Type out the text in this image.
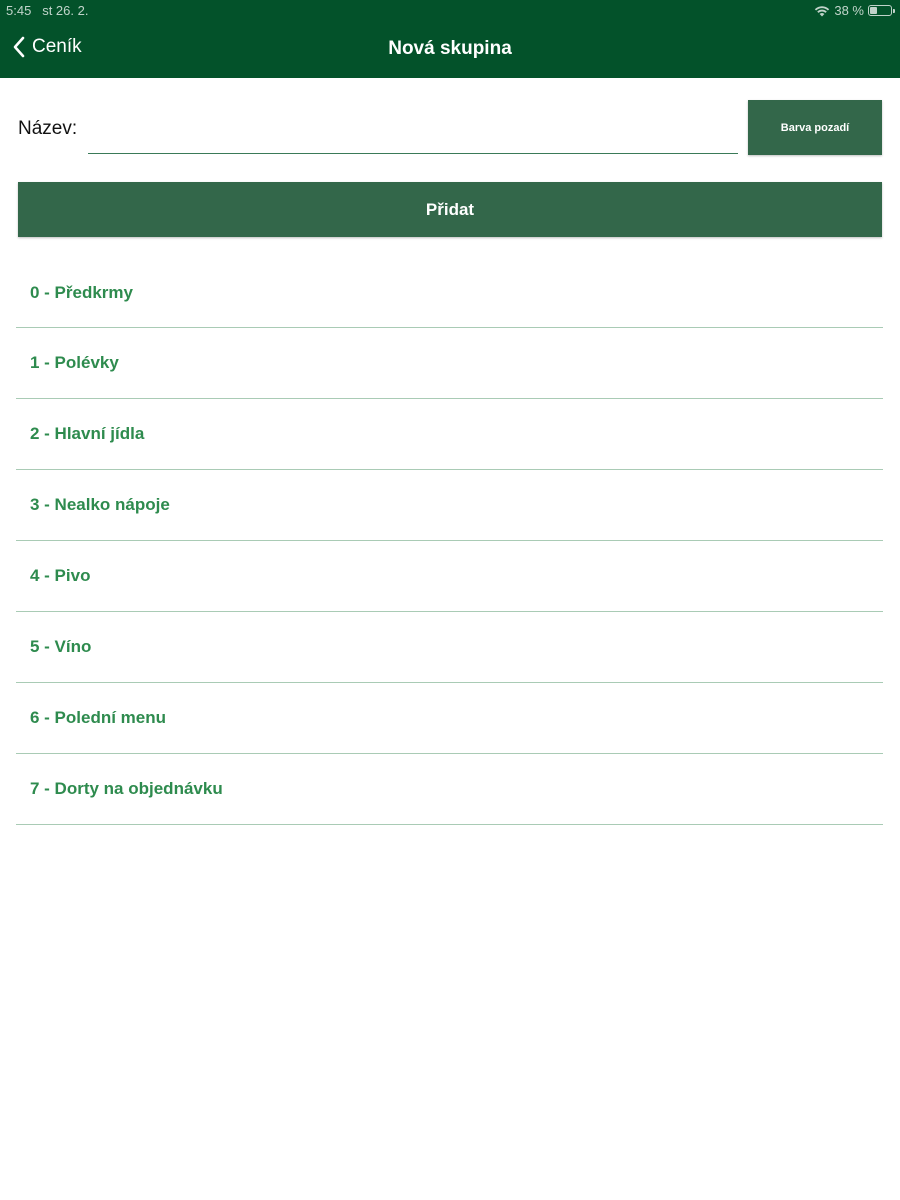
5:45 st 26. 2.	38 %
Ceník	Nová skupina
Název:	Barva pozadí
Přidat
0 - Předkrmy
1 - Polévky
2 - Hlavní jídla
3 - Nealko nápoje
4 - Pivo
5 - Víno
6 - Polední menu
7 - Dorty na objednávku
